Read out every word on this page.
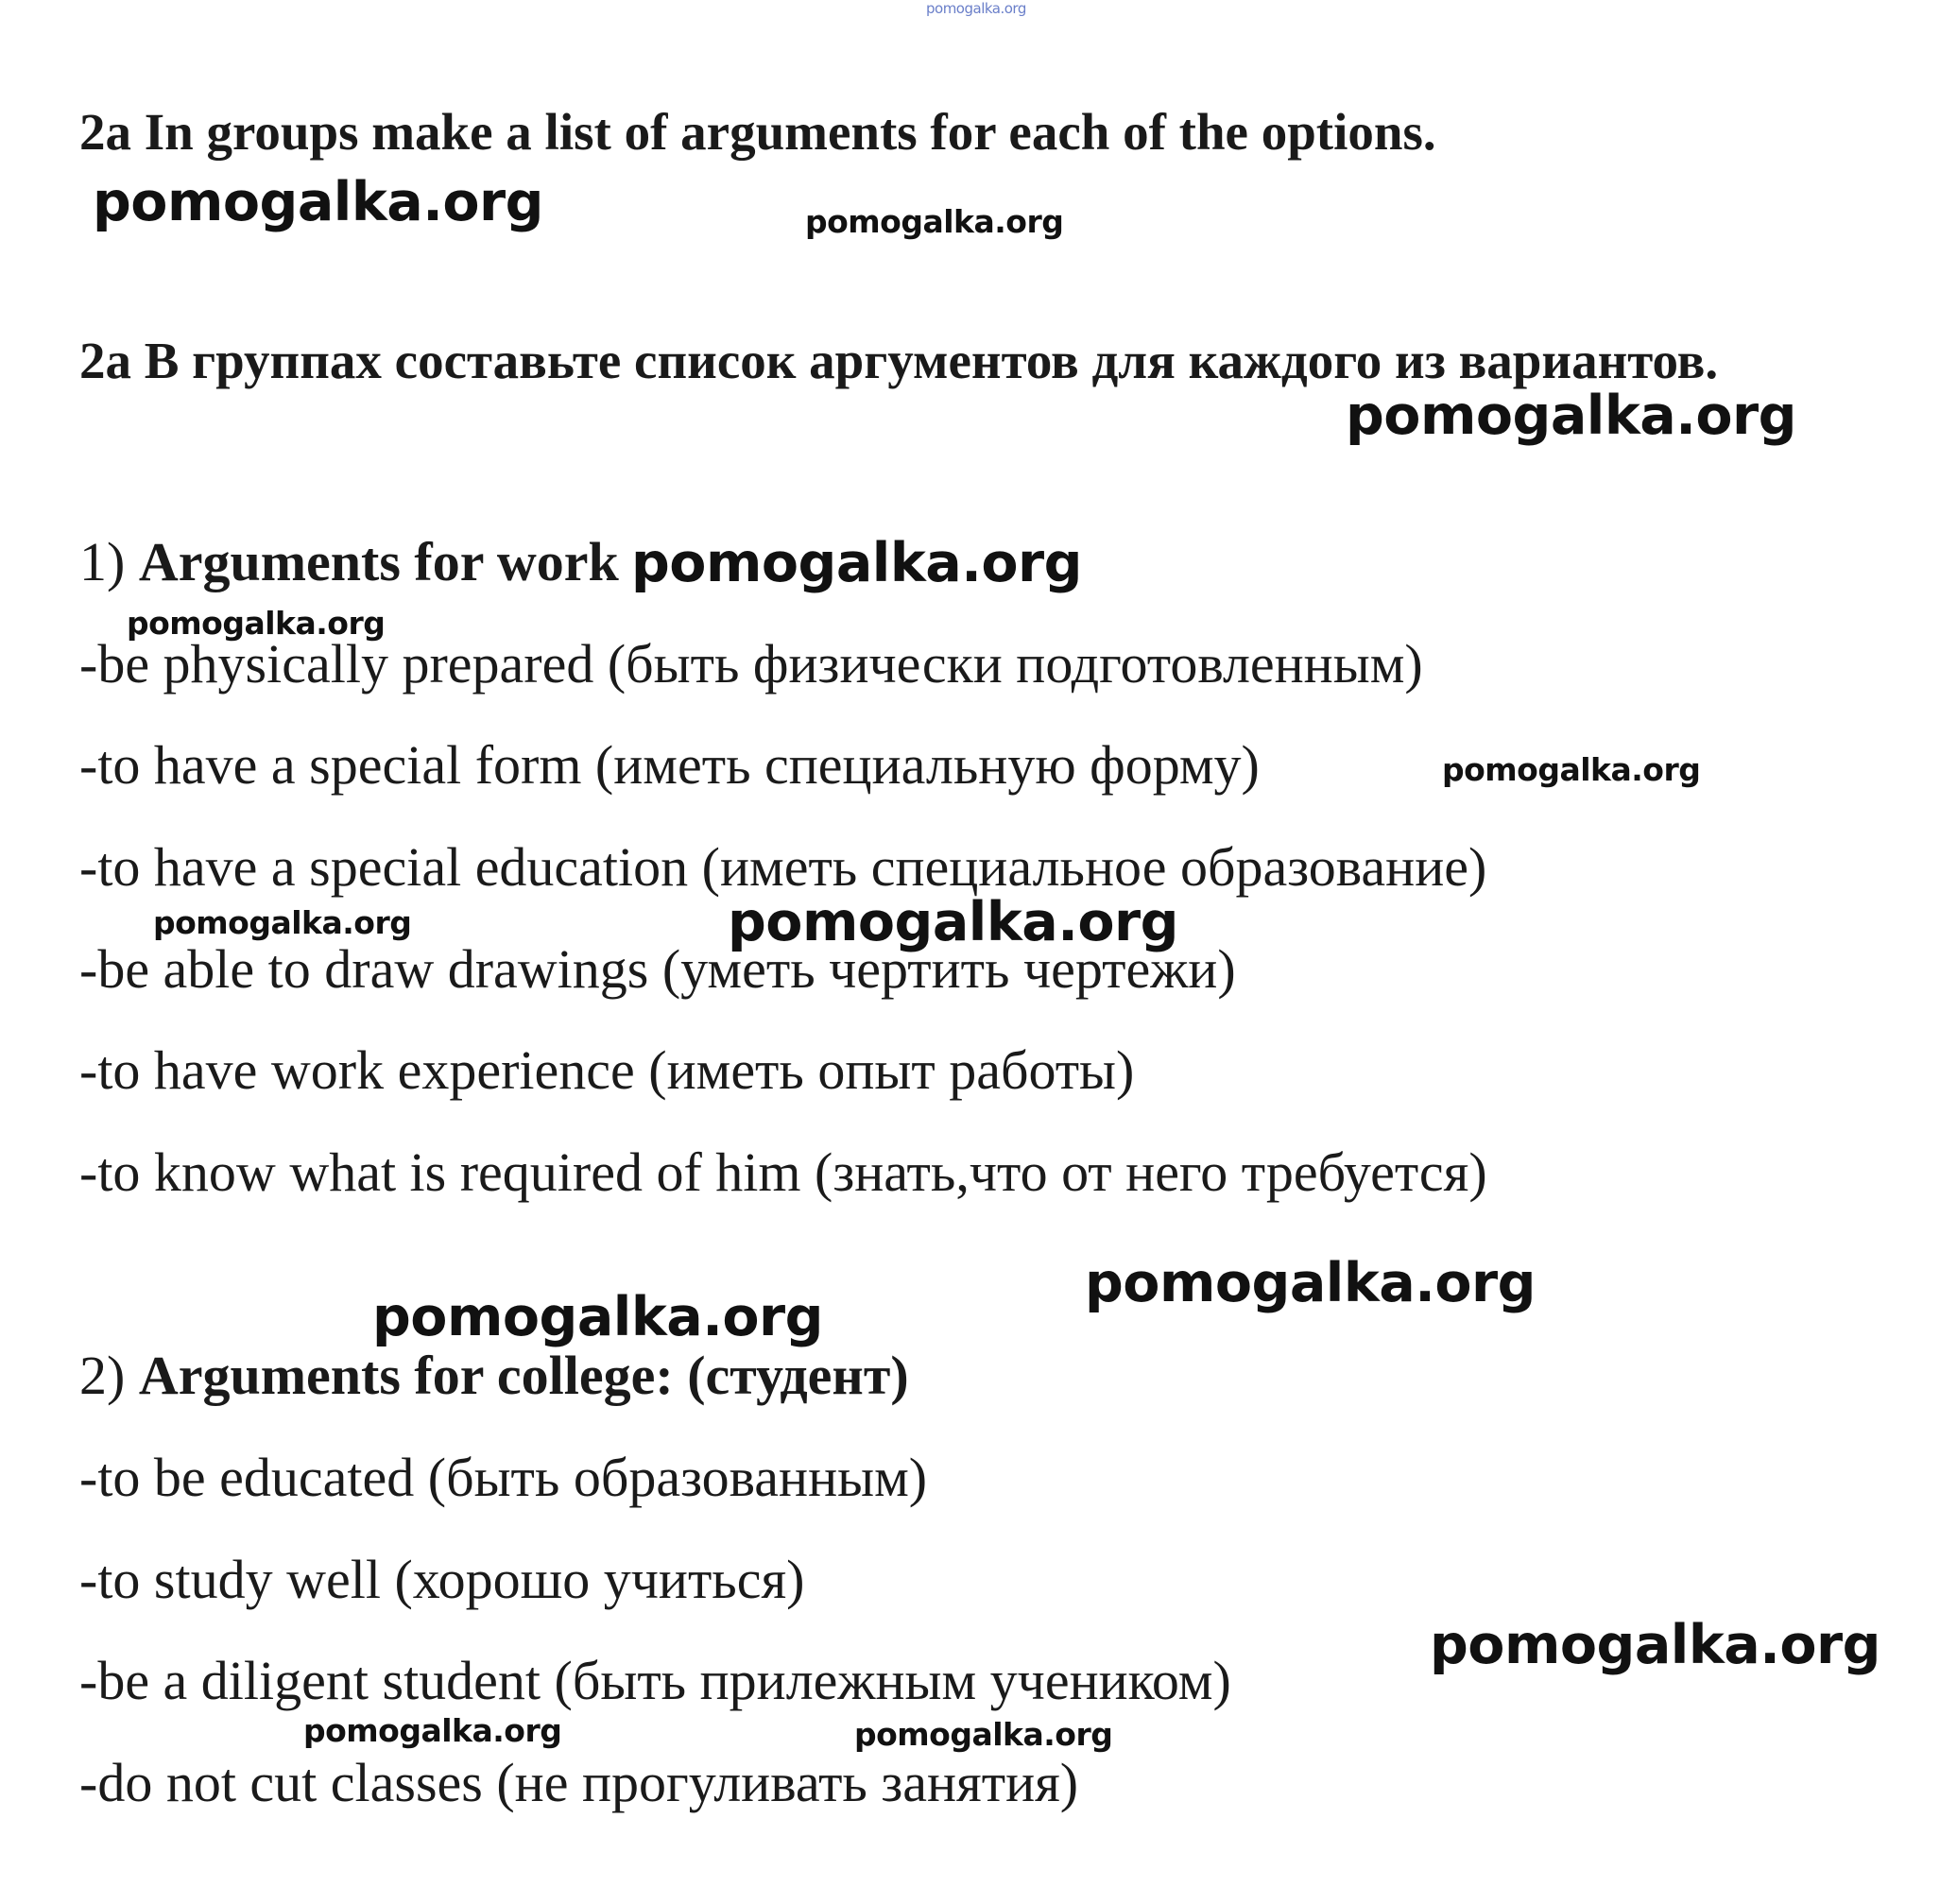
pomogalka.org
2a In groups make a list of arguments for each of the options.
2a В группах составьте список аргументов для каждого из вариантов.
1) Arguments for work
-be physically prepared (быть физически подготовленным)
-to have a special form (иметь специальную форму)
-to have a special education (иметь специальное образование)
-be able to draw drawings (уметь чертить чертежи)
-to have work experience (иметь опыт работы)
-to know what is required of him (знать,что от него требуется)
2) Arguments for college: (студент)
-to be educated (быть образованным)
-to study well (хорошо учиться)
-be a diligent student (быть прилежным учеником)
-do not cut classes (не прогуливать занятия)
pomogalka.org	pomogalka.org
pomogalka.org
pomogalka.org
pomogalka.org
pomogalka.org
pomogalka.org	pomogalka.org
pomogalka.org
pomogalka.org
pomogalka.org
pomogalka.org	pomogalka.org
